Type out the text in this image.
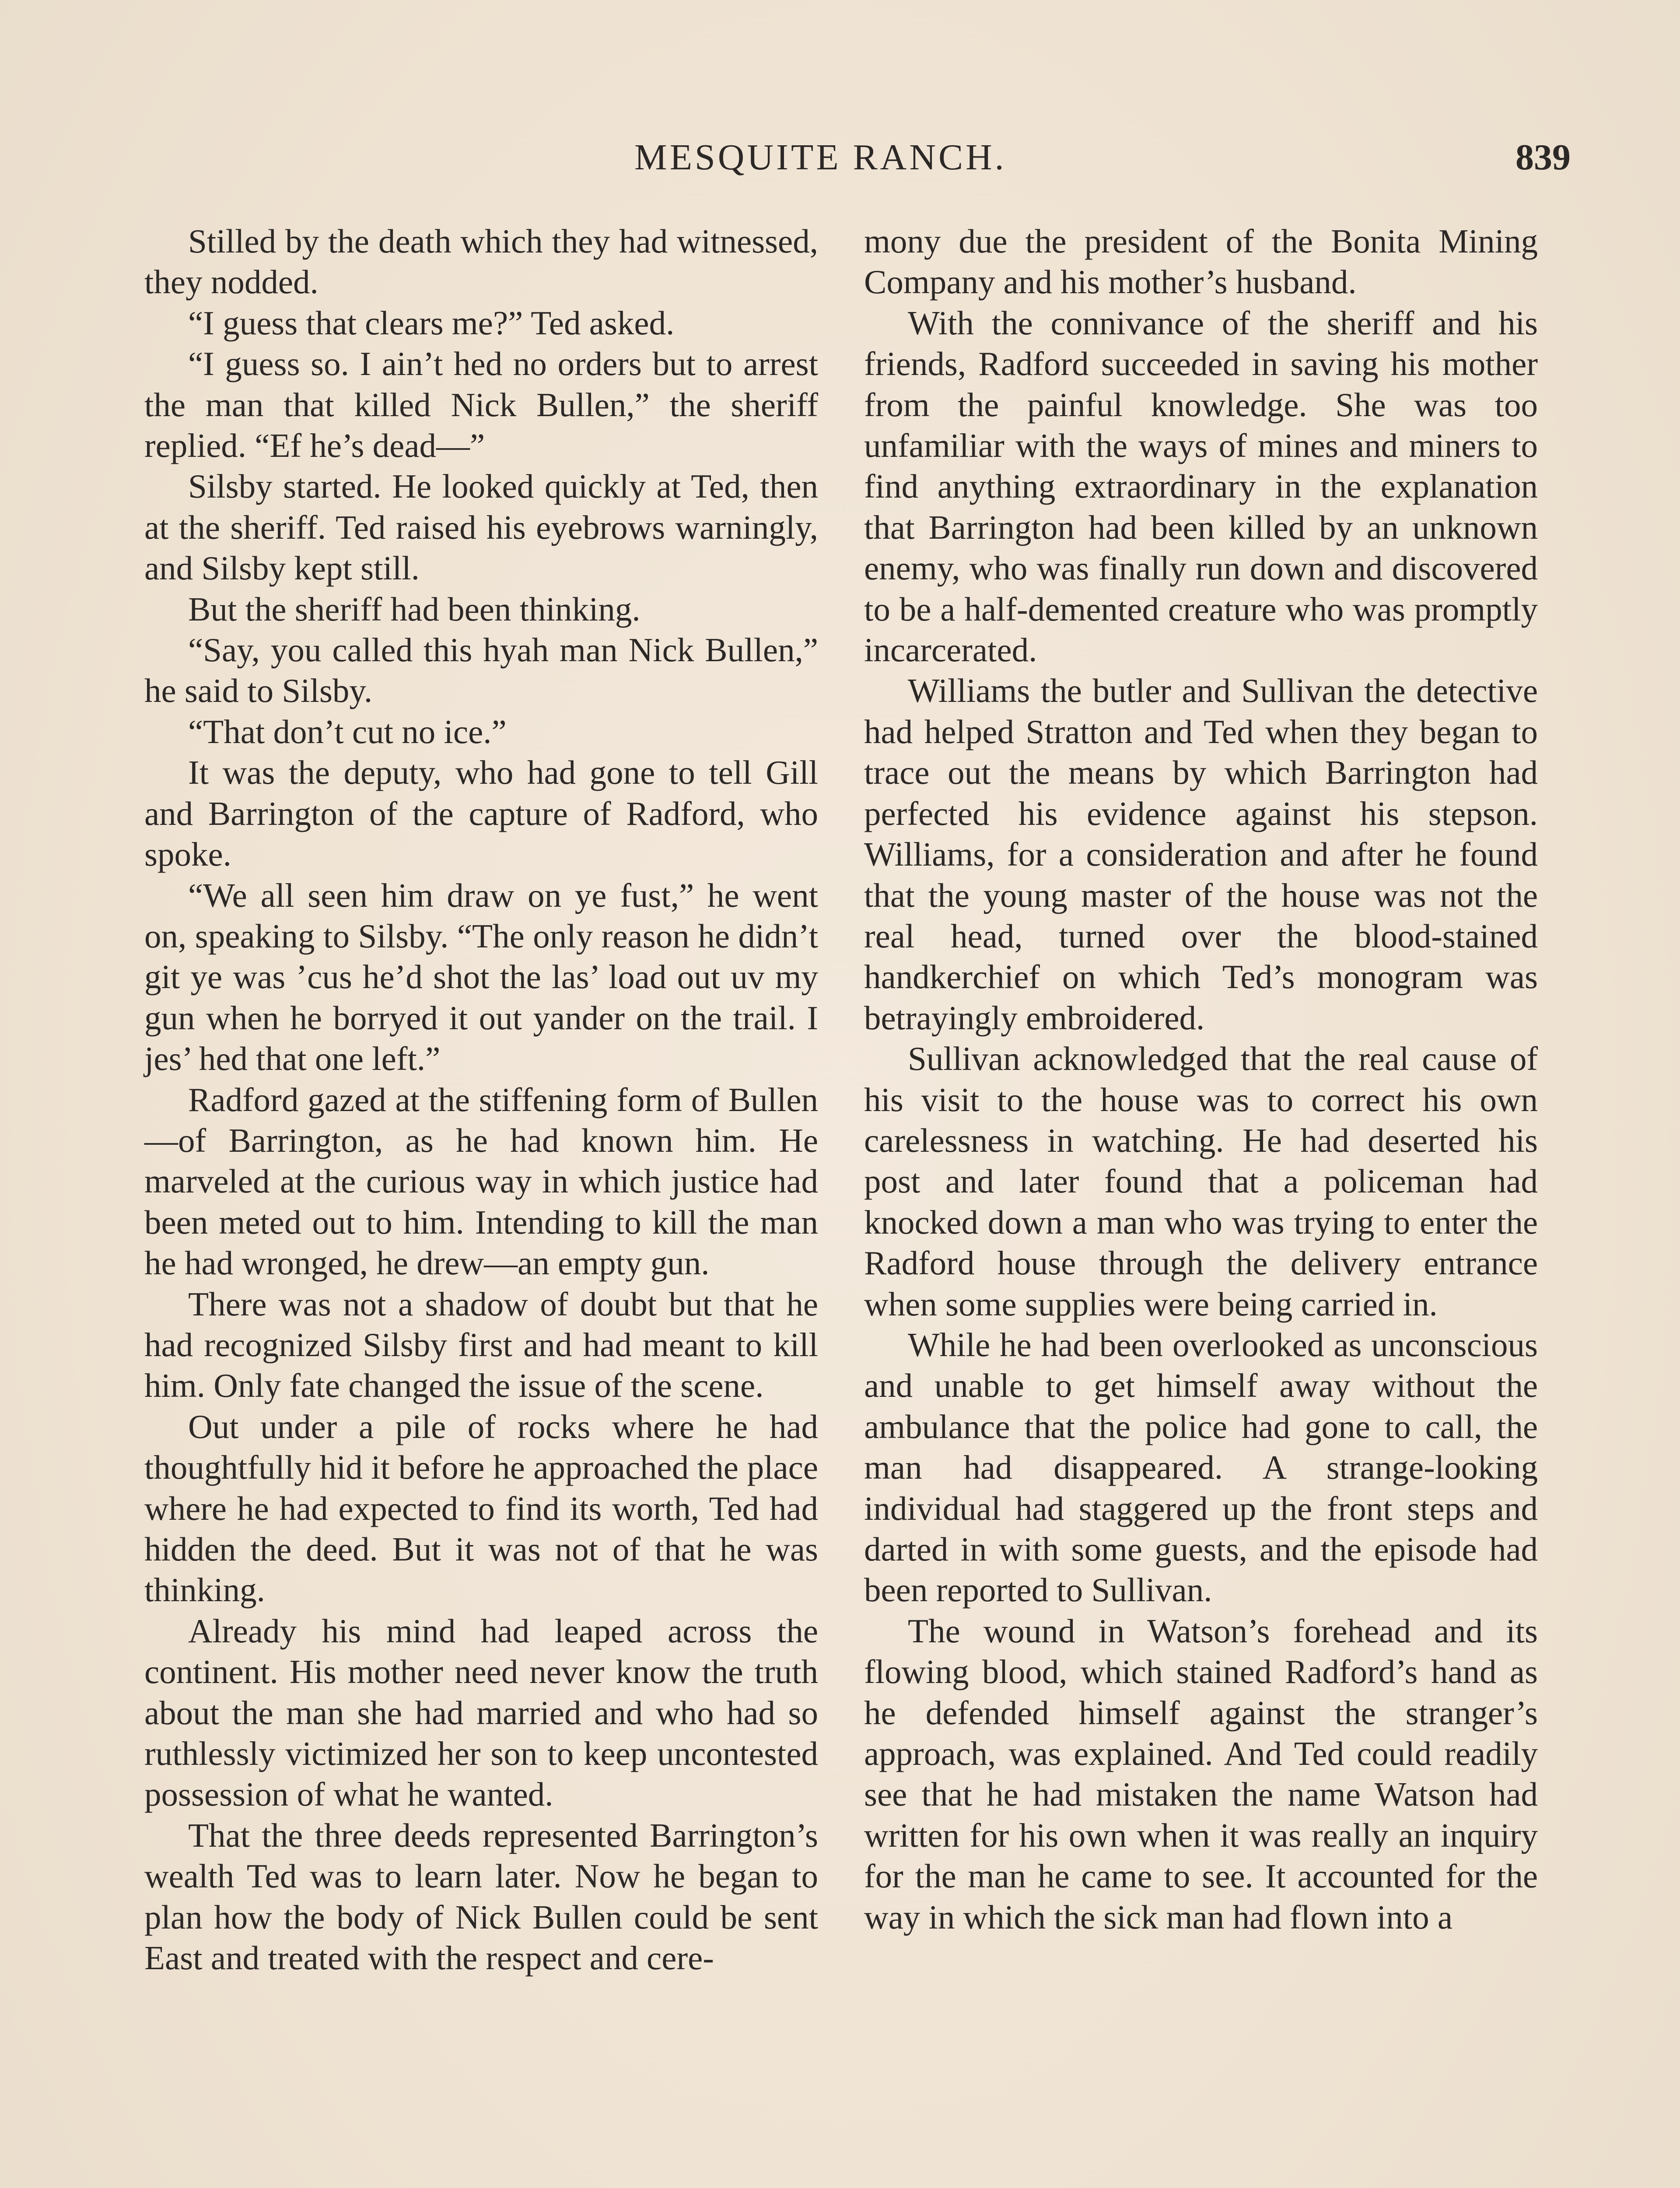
MESQUITE RANCH.	839

Stilled by the death which they had witnessed, they nodded.

“I guess that clears me?” Ted asked.

“I guess so. I ain’t hed no orders but to arrest the man that killed Nick Bullen,” the sheriff replied. “Ef he’s dead—”

Silsby started. He looked quickly at Ted, then at the sheriff. Ted raised his eyebrows warningly, and Silsby kept still.

But the sheriff had been thinking.

“Say, you called this hyah man Nick Bullen,” he said to Silsby.

“That don’t cut no ice.”

It was the deputy, who had gone to tell Gill and Barrington of the capture of Radford, who spoke.

“We all seen him draw on ye fust,” he went on, speaking to Silsby. “The only reason he didn’t git ye was ’cus he’d shot the las’ load out uv my gun when he borryed it out yander on the trail. I jes’ hed that one left.”

Radford gazed at the stiffening form of Bullen—of Barrington, as he had known him. He marveled at the curious way in which justice had been meted out to him. Intending to kill the man he had wronged, he drew—an empty gun.

There was not a shadow of doubt but that he had recognized Silsby first and had meant to kill him. Only fate changed the issue of the scene.

Out under a pile of rocks where he had thoughtfully hid it before he approached the place where he had expected to find its worth, Ted had hidden the deed. But it was not of that he was thinking.

Already his mind had leaped across the continent. His mother need never know the truth about the man she had married and who had so ruthlessly victimized her son to keep uncontested possession of what he wanted.

That the three deeds represented Barrington’s wealth Ted was to learn later. Now he began to plan how the body of Nick Bullen could be sent East and treated with the respect and cere-

mony due the president of the Bonita Mining Company and his mother’s husband.

With the connivance of the sheriff and his friends, Radford succeeded in saving his mother from the painful knowledge. She was too unfamiliar with the ways of mines and miners to find anything extraordinary in the explanation that Barrington had been killed by an unknown enemy, who was finally run down and discovered to be a half-demented creature who was promptly incarcerated.

Williams the butler and Sullivan the detective had helped Stratton and Ted when they began to trace out the means by which Barrington had perfected his evidence against his stepson. Williams, for a consideration and after he found that the young master of the house was not the real head, turned over the blood-stained handkerchief on which Ted’s monogram was betrayingly embroidered.

Sullivan acknowledged that the real cause of his visit to the house was to correct his own carelessness in watching. He had deserted his post and later found that a policeman had knocked down a man who was trying to enter the Radford house through the delivery entrance when some supplies were being carried in.

While he had been overlooked as unconscious and unable to get himself away without the ambulance that the police had gone to call, the man had disappeared. A strange-looking individual had staggered up the front steps and darted in with some guests, and the episode had been reported to Sullivan.

The wound in Watson’s forehead and its flowing blood, which stained Radford’s hand as he defended himself against the stranger’s approach, was explained. And Ted could readily see that he had mistaken the name Watson had written for his own when it was really an inquiry for the man he came to see. It accounted for the way in which the sick man had flown into a
